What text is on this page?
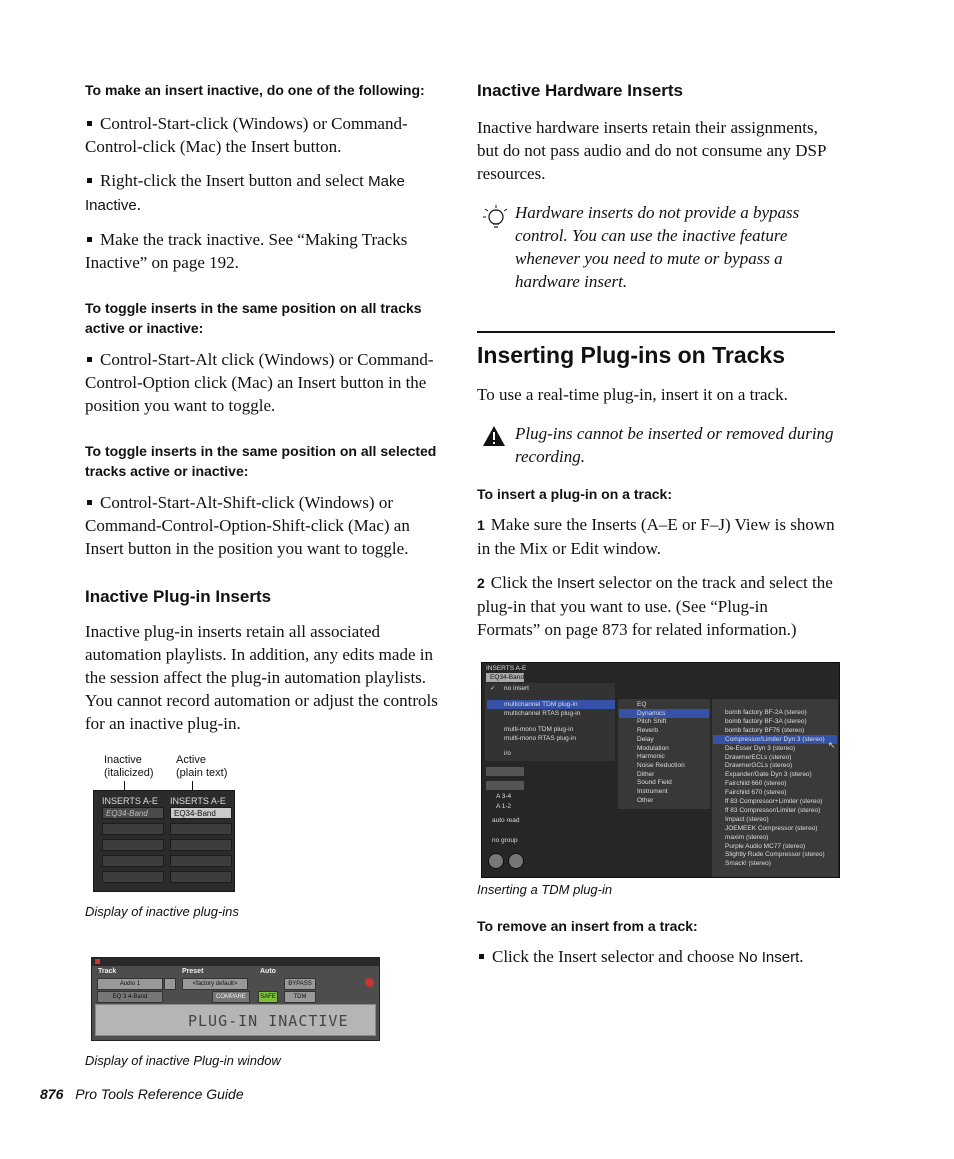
To make an insert inactive, do one of the following:

Control-Start-click (Windows) or Command-Control-click (Mac) the Insert button.

Right-click the Insert button and select Make Inactive.

Make the track inactive. See “Making Tracks Inactive” on page 192.

To toggle inserts in the same position on all tracks active or inactive:

Control-Start-Alt click (Windows) or Command-Control-Option click (Mac) an Insert button in the position you want to toggle.

To toggle inserts in the same position on all selected tracks active or inactive:

Control-Start-Alt-Shift-click (Windows) or Command-Control-Option-Shift-click (Mac) an Insert button in the position you want to toggle.

Inactive Plug-in Inserts

Inactive plug-in inserts retain all associated automation playlists. In addition, any edits made in the session affect the plug-in automation playlists. You cannot record automation or adjust the controls for an inactive plug-in.

Inactive
(italicized)
Active
(plain text)
INSERTS A-E
EQ34-Band
INSERTS A-E
EQ34-Band

Display of inactive plug-ins

Track	Preset	Auto
Audio 1	<factory default>
EQ 3 4-Band	COMPARE	SAFE
BYPASS
TDM
PLUG-IN INACTIVE

Display of inactive Plug-in window

Inactive Hardware Inserts

Inactive hardware inserts retain their assignments, but do not pass audio and do not consume any DSP resources.

Hardware inserts do not provide a bypass control. You can use the inactive feature whenever you need to mute or bypass a hardware insert.

Inserting Plug-ins on Tracks

To use a real-time plug-in, insert it on a track.

Plug-ins cannot be inserted or removed during recording.

To insert a plug-in on a track:

1 Make sure the Inserts (A–E or F–J) View is shown in the Mix or Edit window.

2 Click the Insert selector on the track and select the plug-in that you want to use. (See “Plug-in Formats” on page 873 for related information.)

INSERTS A-E
EQ34-Band
✓ no insert
multichannel TDM plug-in
multichannel RTAS plug-in
multi-mono TDM plug-in
multi-mono RTAS plug-in
i/o
A 3-4
A 1-2
auto read
no group
EQ
Dynamics
Pitch Shift
Reverb
Delay
Modulation
Harmonic
Noise Reduction
Dither
Sound Field
Instrument
Other
bomb factory BF-2A (stereo)
bomb factory BF-3A (stereo)
bomb factory BF76 (stereo)
Compressor/Limiter Dyn 3 (stereo)
De-Esser Dyn 3 (stereo)
DrawmerECLs (stereo)
DrawmerGCLs (stereo)
Expander/Gate Dyn 3 (stereo)
Fairchild 660 (stereo)
Fairchild 670 (stereo)
ff 83 Compressor+Limiter (stereo)
ff 83 Compressor/Limiter (stereo)
Impact (stereo)
JOEMEEK Compressor (stereo)
maxim (stereo)
Purple Audio MC77 (stereo)
Slightly Rude Compressor (stereo)
Smack! (stereo)
↖

Inserting a TDM plug-in

To remove an insert from a track:

Click the Insert selector and choose No Insert.

876 Pro Tools Reference Guide
